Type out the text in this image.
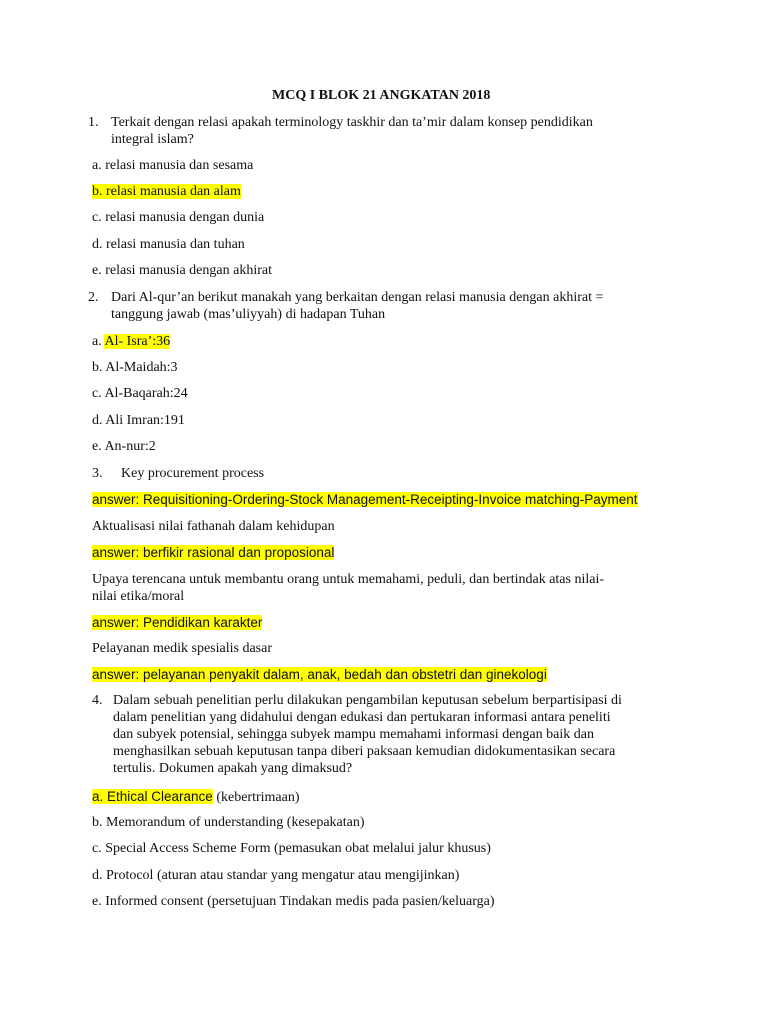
MCQ I BLOK 21 ANGKATAN 2018
1. Terkait dengan relasi apakah terminology taskhir dan ta’mir dalam konsep pendidikan
integral islam?
a. relasi manusia dan sesama
b. relasi manusia dan alam
c. relasi manusia dengan dunia
d. relasi manusia dan tuhan
e. relasi manusia dengan akhirat
2. Dari Al-qur’an berikut manakah yang berkaitan dengan relasi manusia dengan akhirat =
tanggung jawab (mas’uliyyah) di hadapan Tuhan
a. Al- Isra’:36
b. Al-Maidah:3
c. Al-Baqarah:24
d. Ali Imran:191
e. An-nur:2
3. Key procurement process
answer: Requisitioning-Ordering-Stock Management-Receipting-Invoice matching-Payment
Aktualisasi nilai fathanah dalam kehidupan
answer: berfikir rasional dan proposional
Upaya terencana untuk membantu orang untuk memahami, peduli, dan bertindak atas nilai-
nilai etika/moral
answer: Pendidikan karakter
Pelayanan medik spesialis dasar
answer: pelayanan penyakit dalam, anak, bedah dan obstetri dan ginekologi
4. Dalam sebuah penelitian perlu dilakukan pengambilan keputusan sebelum berpartisipasi di
dalam penelitian yang didahului dengan edukasi dan pertukaran informasi antara peneliti
dan subyek potensial, sehingga subyek mampu memahami informasi dengan baik dan
menghasilkan sebuah keputusan tanpa diberi paksaan kemudian didokumentasikan secara
tertulis. Dokumen apakah yang dimaksud?
a. Ethical Clearance (kebertrimaan)
b. Memorandum of understanding (kesepakatan)
c. Special Access Scheme Form (pemasukan obat melalui jalur khusus)
d. Protocol (aturan atau standar yang mengatur atau mengijinkan)
e. Informed consent (persetujuan Tindakan medis pada pasien/keluarga)
